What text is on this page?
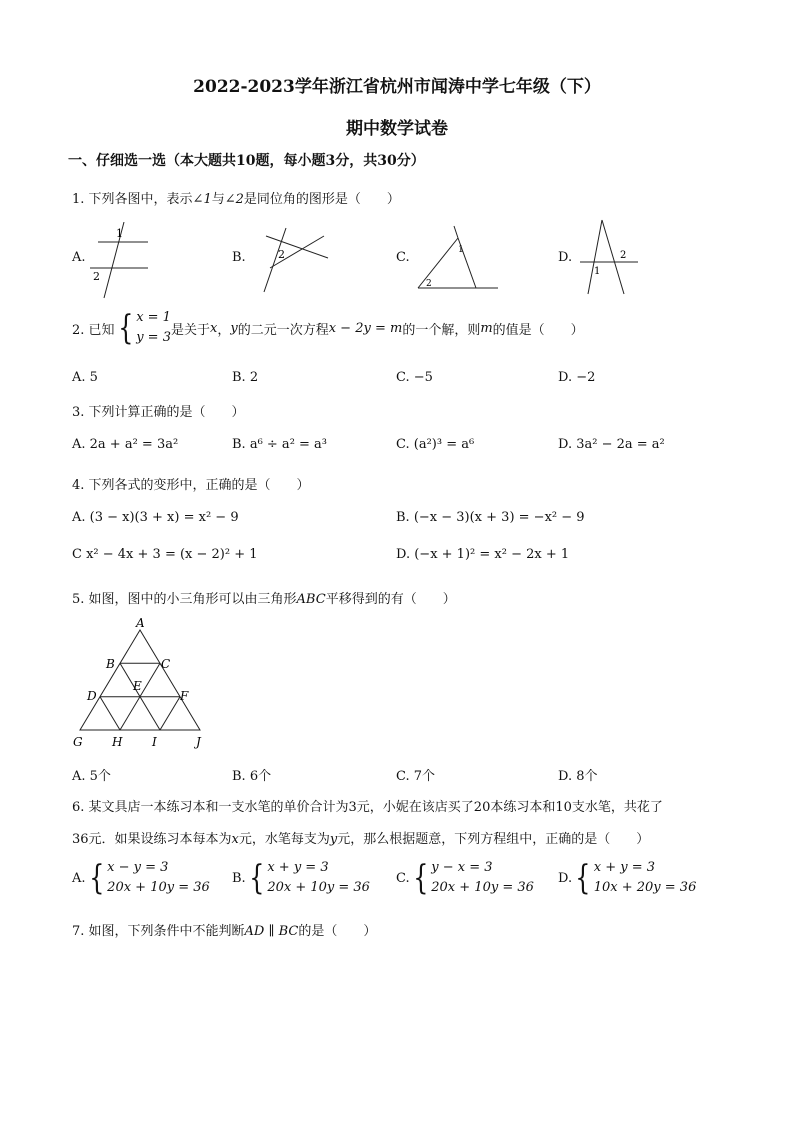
2022-2023学年浙江省杭州市闻涛中学七年级（下）
期中数学试卷
一、仔细选一选（本大题共10题，每小题3分，共30分）
1. 下列各图中，表示∠1与∠2是同位角的图形是（　　）
A.
1
2
B.	2	C.	1
2
D.
1
2
2. 已知 { x = 1
y = 3 是关于 x ， y 的二元一次方程 x − 2y = m 的一个解，则 m 的值是（　　）
A. 5	B. 2	C. −5	D. −2
3. 下列计算正确的是（　　）
A. 2a + a² = 3a²	B. a⁶ ÷ a² = a³	C. (a²)³ = a⁶	D. 3a² − 2a = a²
4. 下列各式的变形中，正确的是（　　）
A. (3 − x)(3 + x) = x² − 9	B. (−x − 3)(x + 3) = −x² − 9
C x² − 4x + 3 = (x − 2)² + 1	D. (−x + 1)² = x² − 2x + 1
5. 如图，图中的小三角形可以由三角形ABC平移得到的有（　　）
A
B	C
D
E
F
G H I	J
A. 5个	B. 6个	C. 7个	D. 8个
6. 某文具店一本练习本和一支水笔的单价合计为3元，小妮在该店买了20本练习本和10支水笔，共花了
36元．如果设练习本每本为x元，水笔每支为y元，那么根据题意，下列方程组中，正确的是（　　）
A. { x − y = 3
20x + 10y = 36
B. { x + y = 3
20x + 10y = 36
C. { y − x = 3
20x + 10y = 36
D. { x + y = 3
10x + 20y = 36
7. 如图，下列条件中不能判断AD ∥ BC的是（　　）
